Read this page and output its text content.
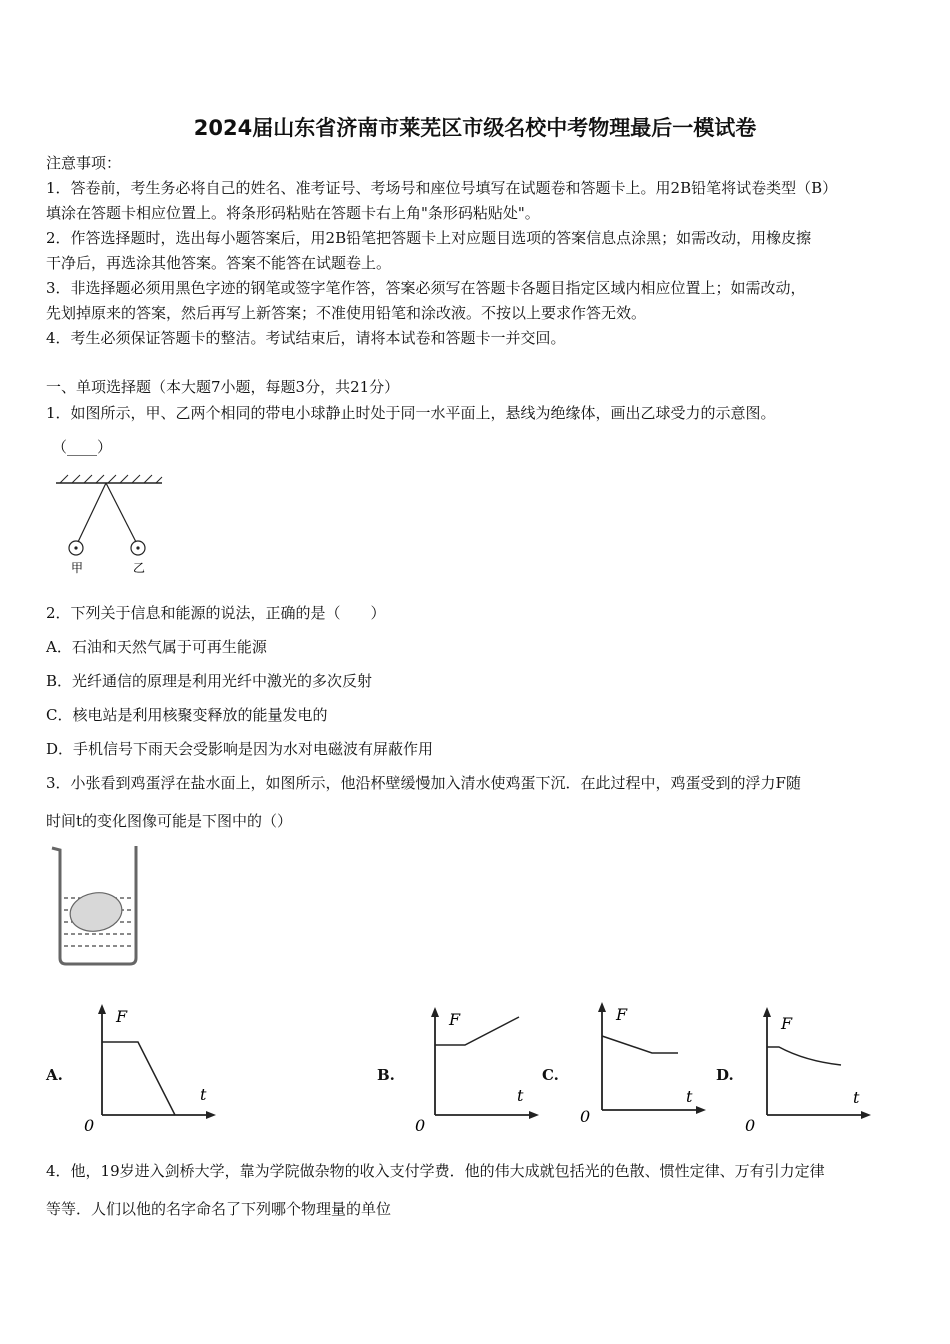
2024届山东省济南市莱芜区市级名校中考物理最后一模试卷
注意事项：
1．答卷前，考生务必将自己的姓名、准考证号、考场号和座位号填写在试题卷和答题卡上。用2B铅笔将试卷类型（B）
填涂在答题卡相应位置上。将条形码粘贴在答题卡右上角"条形码粘贴处"。
2．作答选择题时，选出每小题答案后，用2B铅笔把答题卡上对应题目选项的答案信息点涂黑；如需改动，用橡皮擦
干净后，再选涂其他答案。答案不能答在试题卷上。
3．非选择题必须用黑色字迹的钢笔或签字笔作答，答案必须写在答题卡各题目指定区域内相应位置上；如需改动，
先划掉原来的答案，然后再写上新答案；不准使用铅笔和涂改液。不按以上要求作答无效。
4．考生必须保证答题卡的整洁。考试结束后，请将本试卷和答题卡一并交回。
一、单项选择题（本大题7小题，每题3分，共21分）
1．如图所示，甲、乙两个相同的带电小球静止时处于同一水平面上，悬线为绝缘体，画出乙球受力的示意图。
（____）
甲	乙
2．下列关于信息和能源的说法，正确的是（　　）
A．石油和天然气属于可再生能源
B．光纤通信的原理是利用光纤中激光的多次反射
C．核电站是利用核聚变释放的能量发电的
D．手机信号下雨天会受影响是因为水对电磁波有屏蔽作用
3．小张看到鸡蛋浮在盐水面上，如图所示，他沿杯壁缓慢加入清水使鸡蛋下沉．在此过程中，鸡蛋受到的浮力F随
时间t的变化图像可能是下图中的（）
A.	B.	C.	D.
F
t
0
F
t
0
F
t
0
F
t
0
4．他，19岁进入剑桥大学，靠为学院做杂物的收入支付学费．他的伟大成就包括光的色散、惯性定律、万有引力定律
等等．人们以他的名字命名了下列哪个物理量的单位
